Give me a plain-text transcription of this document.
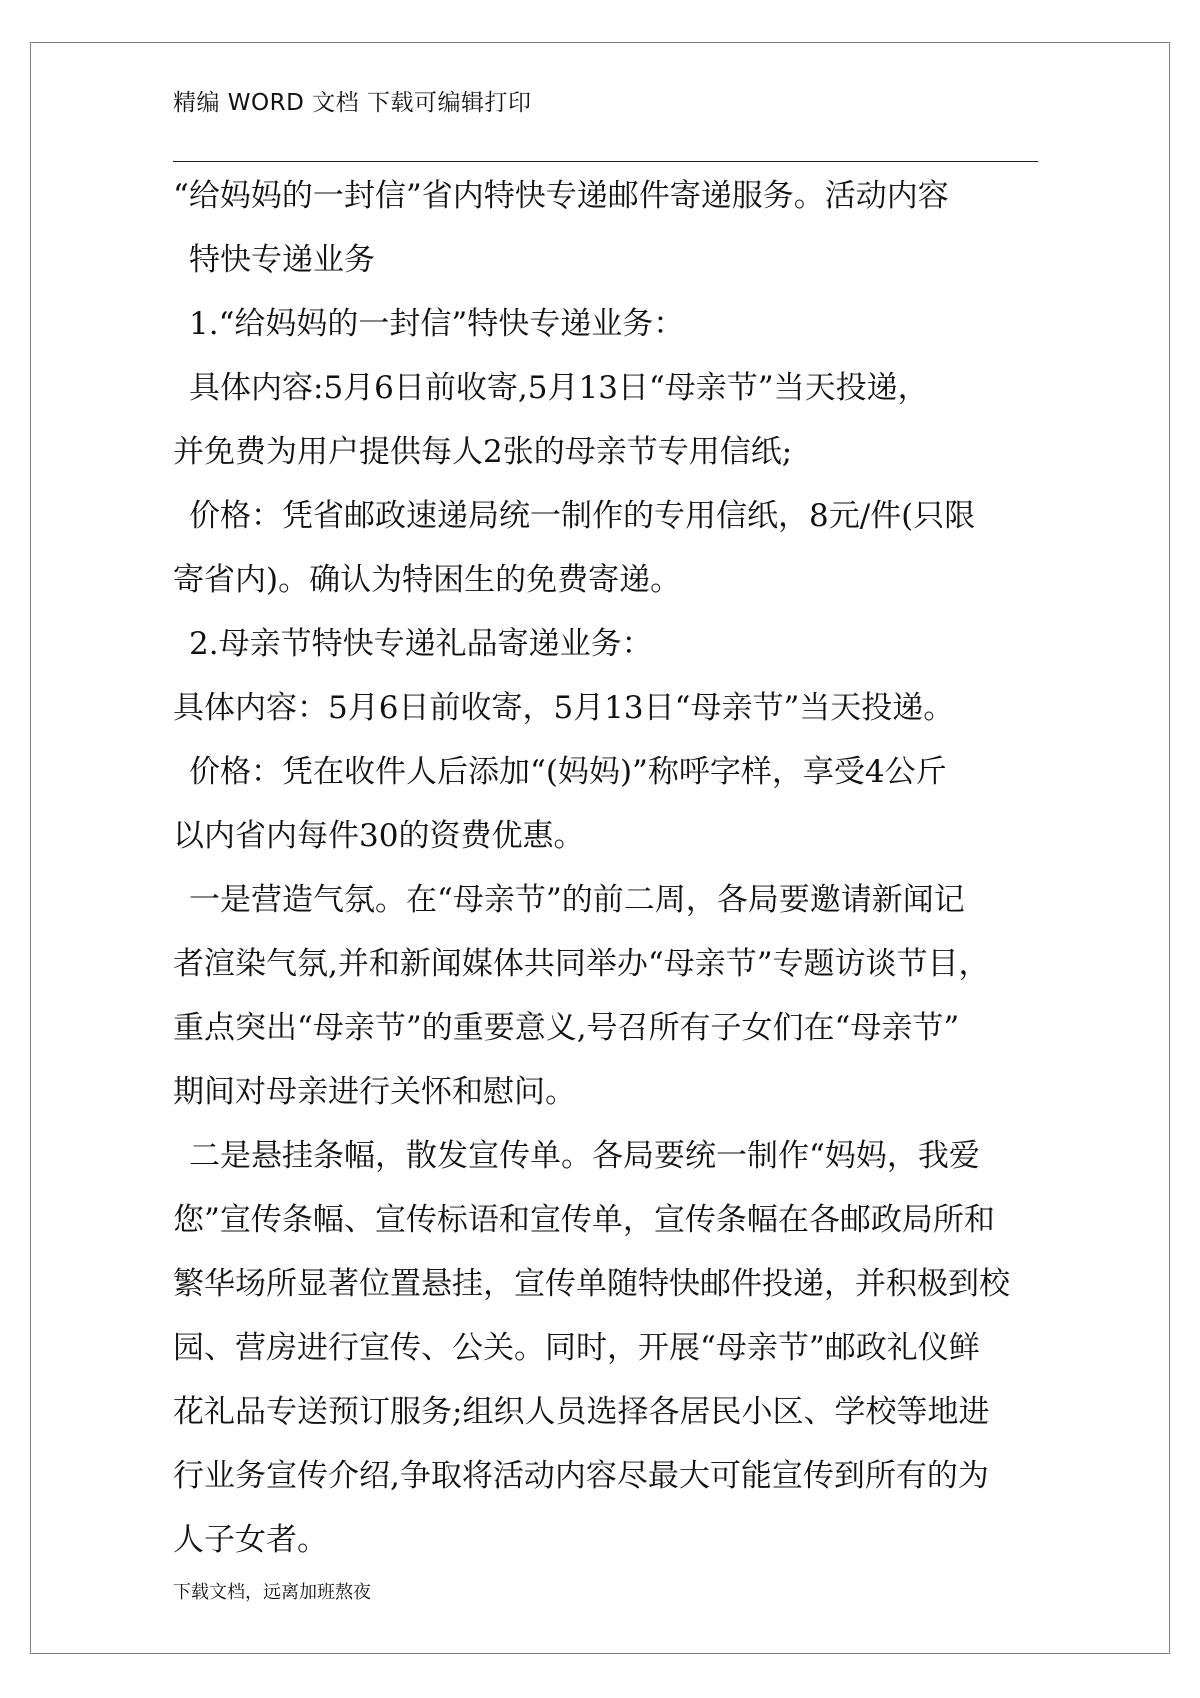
精编 WORD 文档 下载可编辑打印

“给妈妈的一封信”省内特快专递邮件寄递服务。活动内容

特快专递业务

1.“给妈妈的一封信”特快专递业务：

具体内容:5月6日前收寄,5月13日“母亲节”当天投递，

并免费为用户提供每人2张的母亲节专用信纸;

价格：凭省邮政速递局统一制作的专用信纸，8元/件(只限

寄省内)。确认为特困生的免费寄递。

2.母亲节特快专递礼品寄递业务：

具体内容：5月6日前收寄，5月13日“母亲节”当天投递。

价格：凭在收件人后添加“(妈妈)”称呼字样，享受4公斤

以内省内每件30的资费优惠。

一是营造气氛。在“母亲节”的前二周，各局要邀请新闻记

者渲染气氛,并和新闻媒体共同举办“母亲节”专题访谈节目，

重点突出“母亲节”的重要意义,号召所有子女们在“母亲节”

期间对母亲进行关怀和慰问。

二是悬挂条幅，散发宣传单。各局要统一制作“妈妈，我爱

您”宣传条幅、宣传标语和宣传单，宣传条幅在各邮政局所和

繁华场所显著位置悬挂，宣传单随特快邮件投递，并积极到校

园、营房进行宣传、公关。同时，开展“母亲节”邮政礼仪鲜

花礼品专送预订服务;组织人员选择各居民小区、学校等地进

行业务宣传介绍,争取将活动内容尽最大可能宣传到所有的为

人子女者。

下载文档，远离加班熬夜
